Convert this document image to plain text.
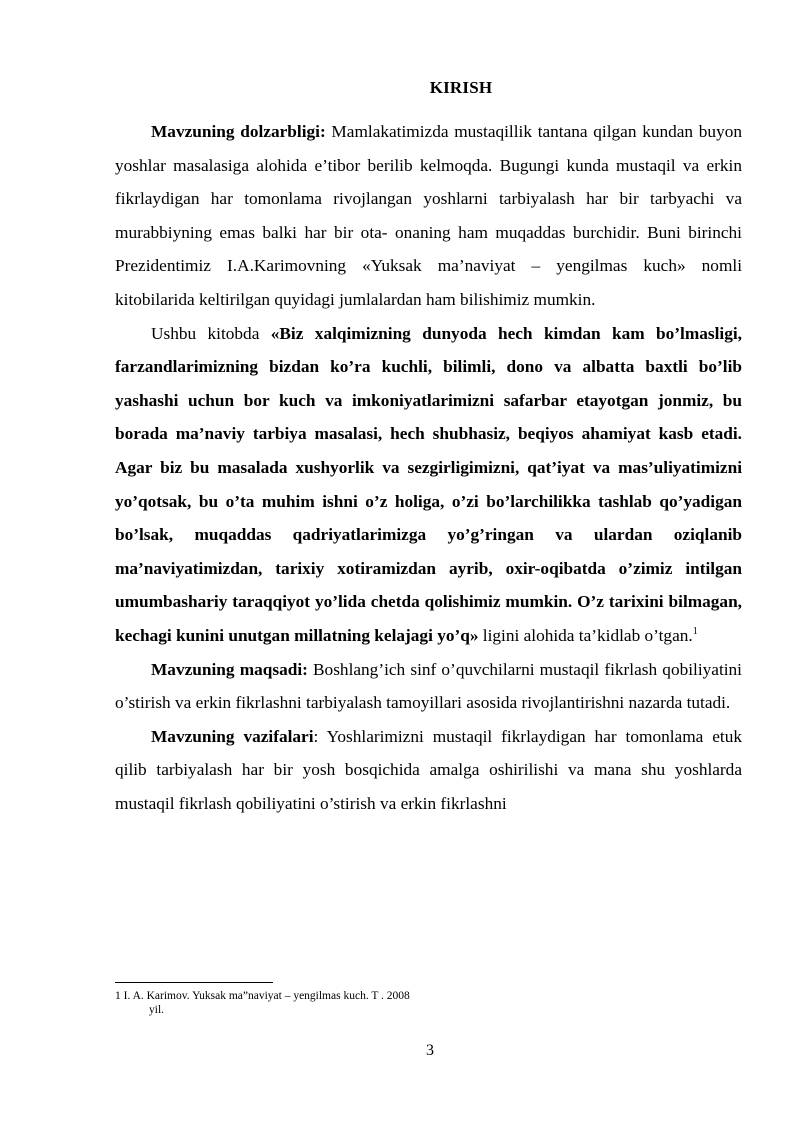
KIRISH

Mavzuning dolzarbligi: Mamlakatimizda mustaqillik tantana qilgan kundan buyon yoshlar masalasiga alohida e’tibor berilib kelmoqda. Bugungi kunda mustaqil va erkin fikrlaydigan har tomonlama rivojlangan yoshlarni tarbiyalash har bir tarbyachi va murabbiyning emas balki har bir ota- onaning ham muqaddas burchidir. Buni birinchi Prezidentimiz I.A.Karimovning «Yuksak ma’naviyat – yengilmas kuch» nomli kitobilarida keltirilgan quyidagi jumlalardan ham bilishimiz mumkin.

Ushbu kitobda «Biz xalqimizning dunyoda hech kimdan kam bo’lmasligi, farzandlarimizning bizdan ko’ra kuchli, bilimli, dono va albatta baxtli bo’lib yashashi uchun bor kuch va imkoniyatlarimizni safarbar etayotgan jonmiz, bu borada ma’naviy tarbiya masalasi, hech shubhasiz, beqiyos ahamiyat kasb etadi. Agar biz bu masalada xushyorlik va sezgirligimizni, qat’iyat va mas’uliyatimizni yo’qotsak, bu o’ta muhim ishni o’z holiga, o’zi bo’larchilikka tashlab qo’yadigan bo’lsak, muqaddas qadriyatlarimizga yo’g’ringan va ulardan oziqlanib ma’naviyatimizdan, tarixiy xotiramizdan ayrib, oxir-oqibatda o’zimiz intilgan umumbashariy taraqqiyot yo’lida chetda qolishimiz mumkin. O’z tarixini bilmagan, kechagi kunini unutgan millatning kelajagi yo’q» ligini alohida ta’kidlab o’tgan.$^1$

Mavzuning maqsadi: Boshlang’ich sinf o’quvchilarni mustaqil fikrlash qobiliyatini o’stirish va erkin fikrlashni tarbiyalash tamoyillari asosida rivojlantirishni nazarda tutadi.

Mavzuning vazifalari: Yoshlarimizni mustaqil fikrlaydigan har tomonlama etuk qilib tarbiyalash har bir yosh bosqichida amalga oshirilishi va mana shu yoshlarda mustaqil fikrlash qobiliyatini o’stirish va erkin fikrlashni

1 I. A. Karimov. Yuksak ma”naviyat – yengilmas kuch. T . 2008
yil.
3
